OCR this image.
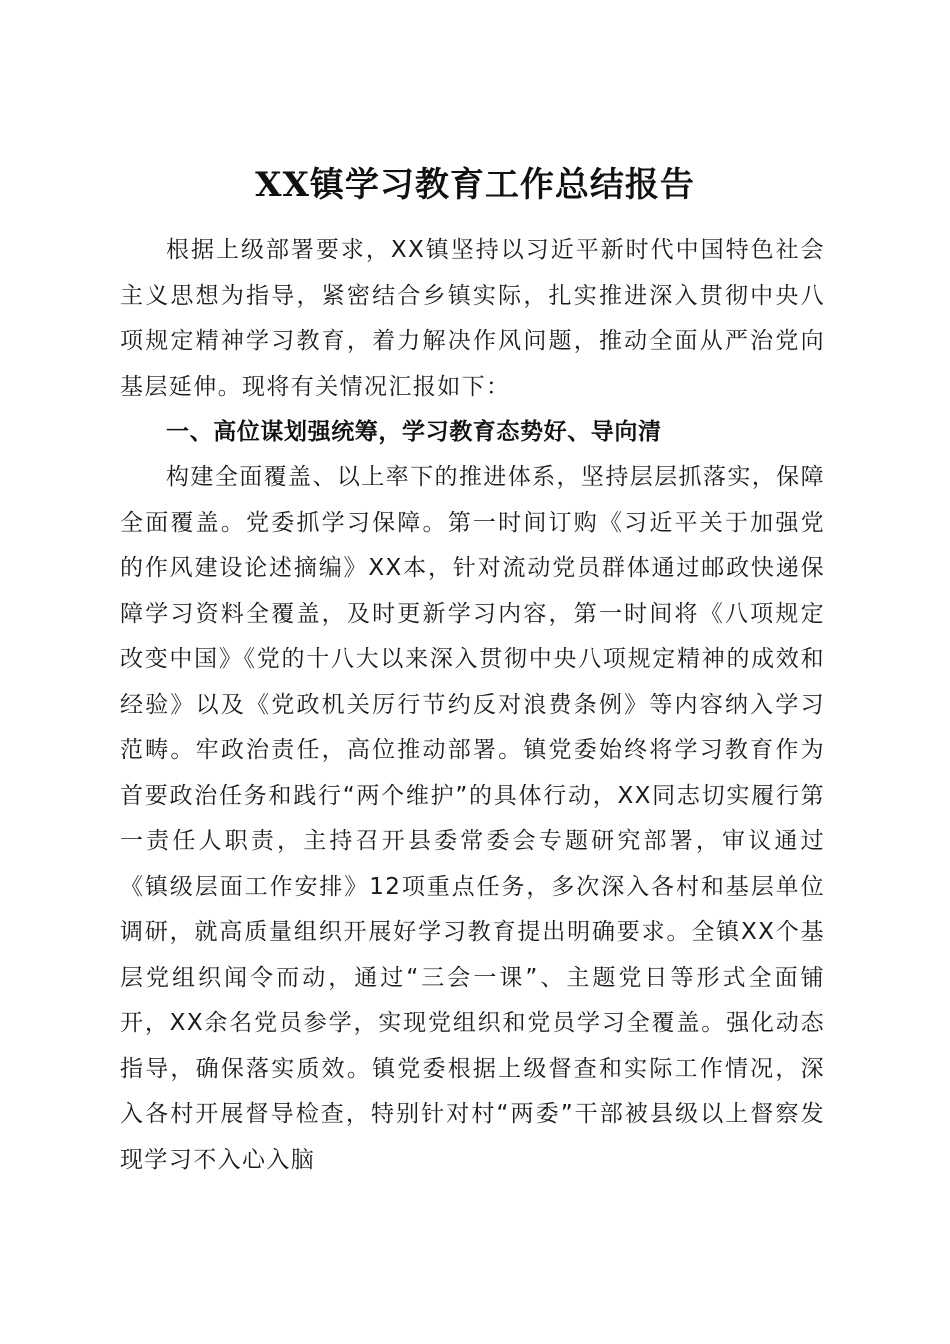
XX镇学习教育工作总结报告

根据上级部署要求，XX镇坚持以习近平新时代中国特色社会主义思想为指导，紧密结合乡镇实际，扎实推进深入贯彻中央八项规定精神学习教育，着力解决作风问题，推动全面从严治党向基层延伸。现将有关情况汇报如下：

一、高位谋划强统筹，学习教育态势好、导向清

构建全面覆盖、以上率下的推进体系，坚持层层抓落实，保障全面覆盖。党委抓学习保障。第一时间订购《习近平关于加强党的作风建设论述摘编》XX本，针对流动党员群体通过邮政快递保障学习资料全覆盖，及时更新学习内容，第一时间将《八项规定改变中国》《党的十八大以来深入贯彻中央八项规定精神的成效和经验》以及《党政机关厉行节约反对浪费条例》等内容纳入学习范畴。牢政治责任，高位推动部署。镇党委始终将学习教育作为首要政治任务和践行“两个维护”的具体行动，XX同志切实履行第一责任人职责，主持召开县委常委会专题研究部署，审议通过《镇级层面工作安排》12项重点任务，多次深入各村和基层单位调研，就高质量组织开展好学习教育提出明确要求。全镇XX个基层党组织闻令而动，通过“三会一课”、主题党日等形式全面铺开，XX余名党员参学，实现党组织和党员学习全覆盖。强化动态指导，确保落实质效。镇党委根据上级督查和实际工作情况，深入各村开展督导检查，特别针对村“两委”干部被县级以上督察发现学习不入心入脑
